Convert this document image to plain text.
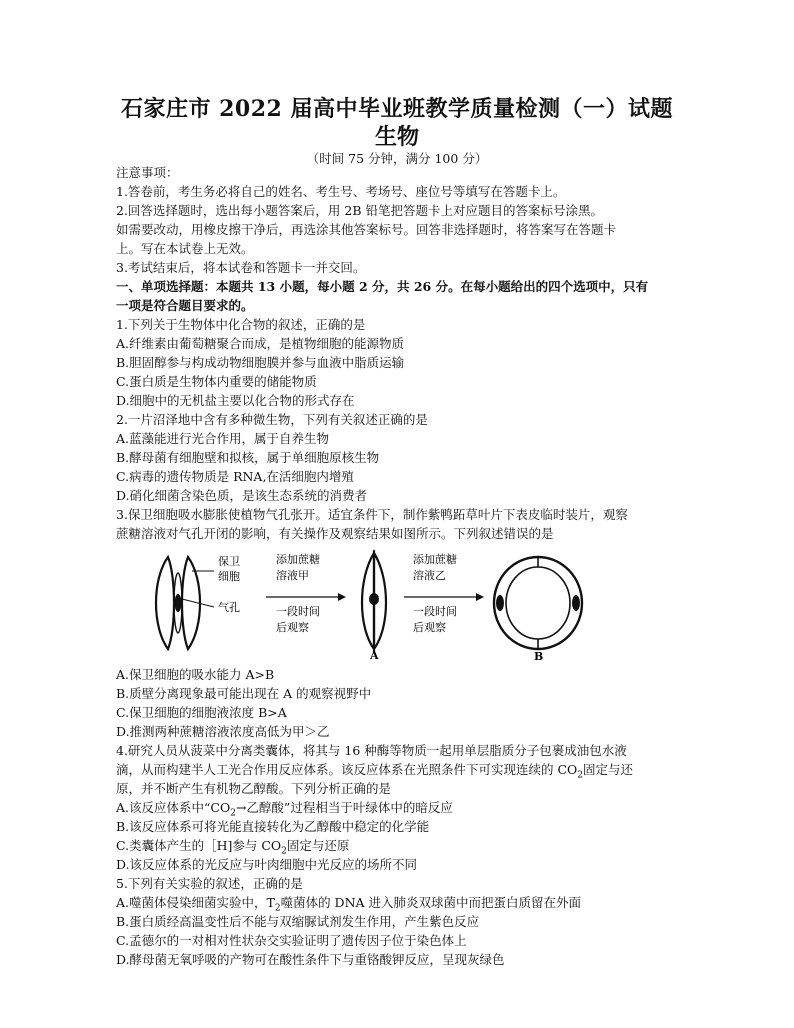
石家庄市 2022 届高中毕业班教学质量检测（一）试题
生物
（时间 75 分钟，满分 100 分）

注意事项：

1.答卷前，考生务必将自己的姓名、考生号、考场号、座位号等填写在答题卡上。

2.回答选择题时，选出每小题答案后，用 2B 铅笔把答题卡上对应题目的答案标号涂黑。

如需要改动，用橡皮擦干净后，再选涂其他答案标号。回答非选择题时，将答案写在答题卡

上。写在本试卷上无效。

3.考试结束后，将本试卷和答题卡一并交回。

一、单项选择题：本题共 13 小题，每小题 2 分，共 26 分。在每小题给出的四个选项中，只有

一项是符合题目要求的。

1.下列关于生物体中化合物的叙述，正确的是

A.纤维素由葡萄糖聚合而成，是植物细胞的能源物质

B.胆固醇参与构成动物细胞膜并参与血液中脂质运输

C.蛋白质是生物体内重要的储能物质

D.细胞中的无机盐主要以化合物的形式存在

2.一片沼泽地中含有多种微生物，下列有关叙述正确的是

A.蓝藻能进行光合作用，属于自养生物

B.酵母菌有细胞壁和拟核，属于单细胞原核生物

C.病毒的遗传物质是 RNA,在活细胞内增殖

D.硝化细菌含染色质，是该生态系统的消费者

3.保卫细胞吸水膨胀使植物气孔张开。适宜条件下，制作紫鸭跖草叶片下表皮临时装片，观察

蔗糖溶液对气孔开闭的影响，有关操作及观察结果如图所示。下列叙述错误的是

保卫
细胞
气孔
添加蔗糖
溶液甲
一段时间
后观察
A
添加蔗糖
溶液乙
一段时间
后观察
B

A.保卫细胞的吸水能力 A>B

B.质壁分离现象最可能出现在 A 的观察视野中

C.保卫细胞的细胞液浓度 B>A

D.推测两种蔗糖溶液浓度高低为甲＞乙

4.研究人员从菠菜中分离类囊体，将其与 16 种酶等物质一起用单层脂质分子包裹成油包水液

滴，从而构建半人工光合作用反应体系。该反应体系在光照条件下可实现连续的 $CO_2$固定与还

原，并不断产生有机物乙醇酸。下列分析正确的是

A.该反应体系中“$CO_2\to$乙醇酸”过程相当于叶绿体中的暗反应

B.该反应体系可将光能直接转化为乙醇酸中稳定的化学能

C.类囊体产生的［H]参与 $CO_2$固定与还原

D.该反应体系的光反应与叶肉细胞中光反应的场所不同

5.下列有关实验的叙述，正确的是

A.噬菌体侵染细菌实验中，$T_2$噬菌体的 DNA 进入肺炎双球菌中而把蛋白质留在外面

B.蛋白质经高温变性后不能与双缩脲试剂发生作用，产生紫色反应

C.孟德尔的一对相对性状杂交实验证明了遗传因子位于染色体上

D.酵母菌无氧呼吸的产物可在酸性条件下与重铬酸钾反应，呈现灰绿色
